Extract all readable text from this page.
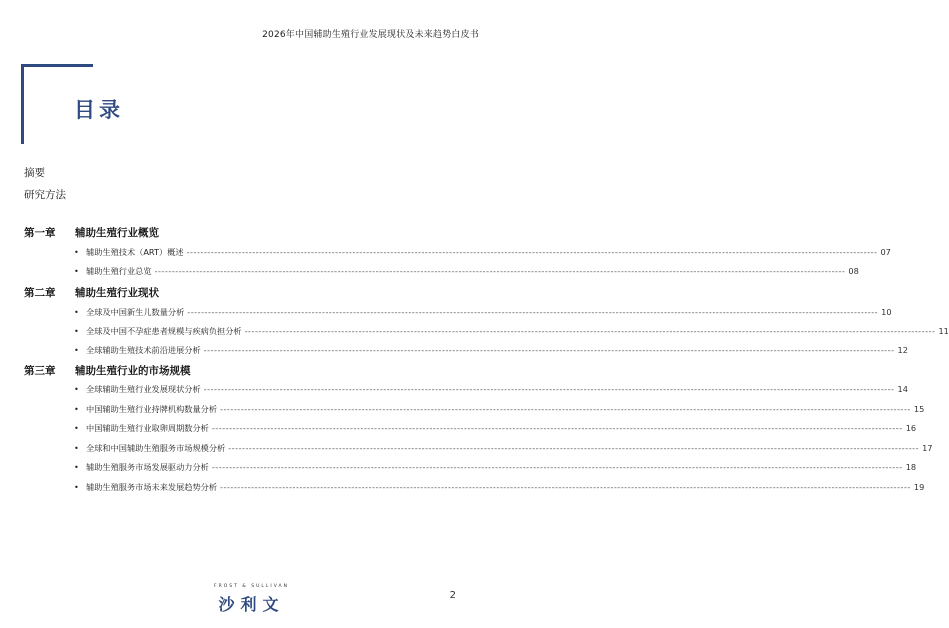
2026年中国辅助生殖行业发展现状及未来趋势白皮书
目录
摘要
研究方法
第一章 辅助生殖行业概览
• 辅助生殖技术（ART）概述 -------------------------------------------------------------------------------------------------------------------------------------------------------------------------------------------------------- 07
• 辅助生殖行业总览 -------------------------------------------------------------------------------------------------------------------------------------------------------------------------------------------------------- 08
第二章 辅助生殖行业现状
• 全球及中国新生儿数量分析 -------------------------------------------------------------------------------------------------------------------------------------------------------------------------------------------------------- 10
• 全球及中国不孕症患者规模与疾病负担分析 -------------------------------------------------------------------------------------------------------------------------------------------------------------------------------------------------------- 11
• 全球辅助生殖技术前沿进展分析 -------------------------------------------------------------------------------------------------------------------------------------------------------------------------------------------------------- 12
第三章 辅助生殖行业的市场规模
• 全球辅助生殖行业发展现状分析 -------------------------------------------------------------------------------------------------------------------------------------------------------------------------------------------------------- 14
• 中国辅助生殖行业持牌机构数量分析 -------------------------------------------------------------------------------------------------------------------------------------------------------------------------------------------------------- 15
• 中国辅助生殖行业取卵周期数分析 -------------------------------------------------------------------------------------------------------------------------------------------------------------------------------------------------------- 16
• 全球和中国辅助生殖服务市场规模分析 -------------------------------------------------------------------------------------------------------------------------------------------------------------------------------------------------------- 17
• 辅助生殖服务市场发展驱动力分析 -------------------------------------------------------------------------------------------------------------------------------------------------------------------------------------------------------- 18
• 辅助生殖服务市场未来发展趋势分析 -------------------------------------------------------------------------------------------------------------------------------------------------------------------------------------------------------- 19
FROST & SULLIVAN
沙利文	2
